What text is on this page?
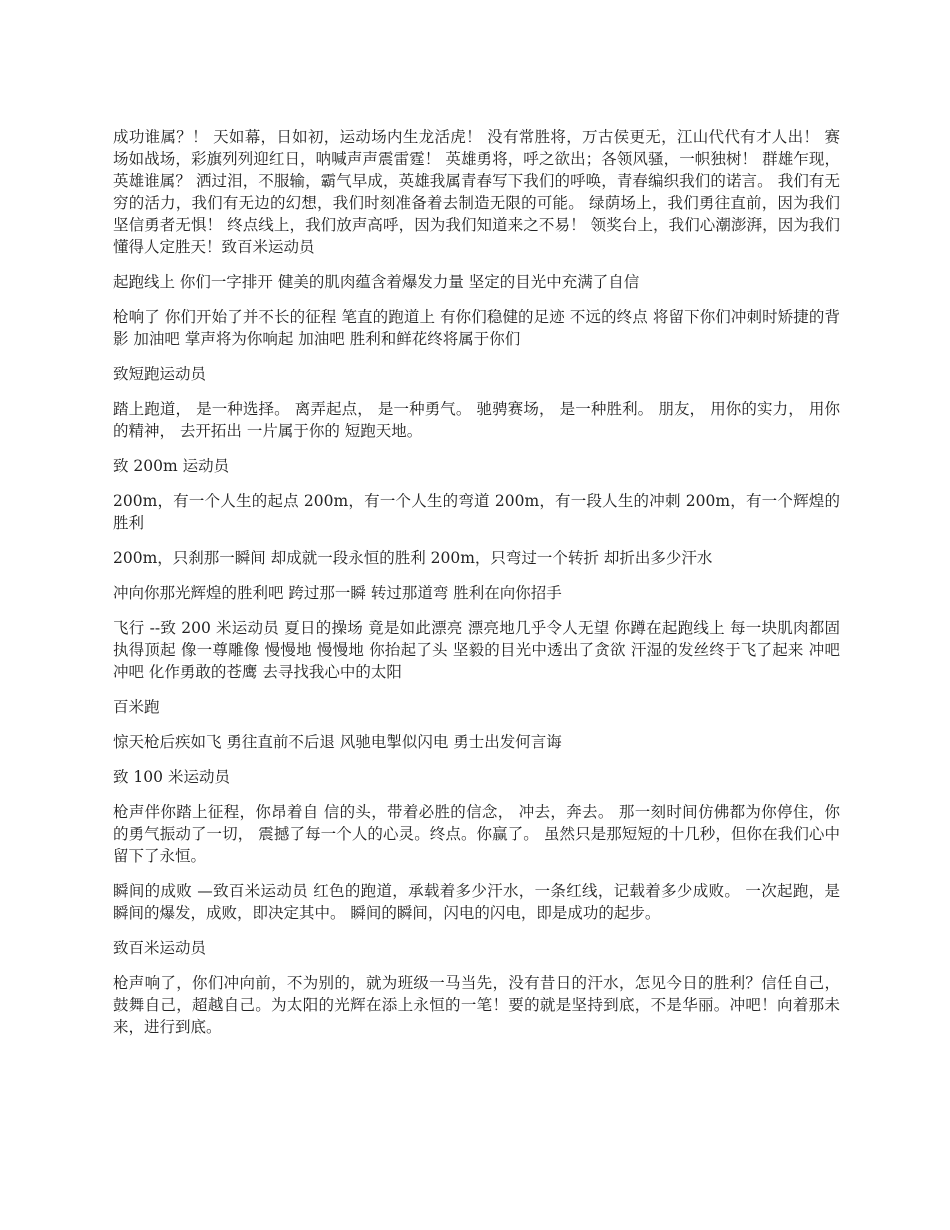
成功谁属？！ 天如幕，日如初，运动场内生龙活虎！ 没有常胜将，万古侯更无，江山代代有才人出！ 赛场如战场，彩旗列列迎红日，呐喊声声震雷霆！ 英雄勇将，呼之欲出；各领风骚，一帜独树！ 群雄乍现，英雄谁属？ 洒过泪，不服输，霸气早成，英雄我属青春写下我们的呼唤，青春编织我们的诺言。 我们有无穷的活力，我们有无边的幻想，我们时刻准备着去制造无限的可能。 绿荫场上，我们勇往直前，因为我们坚信勇者无惧！ 终点线上，我们放声高呼，因为我们知道来之不易！ 领奖台上，我们心潮澎湃，因为我们懂得人定胜天！致百米运动员

起跑线上 你们一字排开 健美的肌肉蕴含着爆发力量 坚定的目光中充满了自信

枪响了 你们开始了并不长的征程 笔直的跑道上 有你们稳健的足迹 不远的终点 将留下你们冲刺时矫捷的背影 加油吧 掌声将为你响起 加油吧 胜利和鲜花终将属于你们

致短跑运动员

踏上跑道， 是一种选择。 离弄起点， 是一种勇气。 驰骋赛场， 是一种胜利。 朋友， 用你的实力， 用你的精神， 去开拓出 一片属于你的 短跑天地。

致 200m 运动员

200m，有一个人生的起点 200m，有一个人生的弯道 200m，有一段人生的冲刺 200m，有一个辉煌的胜利

200m，只刹那一瞬间 却成就一段永恒的胜利 200m，只弯过一个转折 却折出多少汗水

冲向你那光辉煌的胜利吧 跨过那一瞬 转过那道弯 胜利在向你招手

飞行 --致 200 米运动员 夏日的操场 竟是如此漂亮 漂亮地几乎令人无望 你蹲在起跑线上 每一块肌肉都固执得顶起 像一尊雕像 慢慢地 慢慢地 你抬起了头 坚毅的目光中透出了贪欲 汗湿的发丝终于飞了起来 冲吧 冲吧 化作勇敢的苍鹰 去寻找我心中的太阳

百米跑

惊天枪后疾如飞 勇往直前不后退 风驰电掣似闪电 勇士出发何言诲

致 100 米运动员

枪声伴你踏上征程，你昂着自 信的头，带着必胜的信念， 冲去，奔去。 那一刻时间仿佛都为你停住，你的勇气振动了一切， 震撼了每一个人的心灵。终点。你赢了。 虽然只是那短短的十几秒，但你在我们心中留下了永恒。

瞬间的成败 —致百米运动员 红色的跑道，承载着多少汗水，一条红线，记载着多少成败。 一次起跑，是瞬间的爆发，成败，即决定其中。 瞬间的瞬间，闪电的闪电，即是成功的起步。

致百米运动员

枪声响了，你们冲向前，不为别的，就为班级一马当先，没有昔日的汗水，怎见今日的胜利？信任自己，鼓舞自己，超越自己。为太阳的光辉在添上永恒的一笔！要的就是坚持到底，不是华丽。冲吧！向着那未来，进行到底。
